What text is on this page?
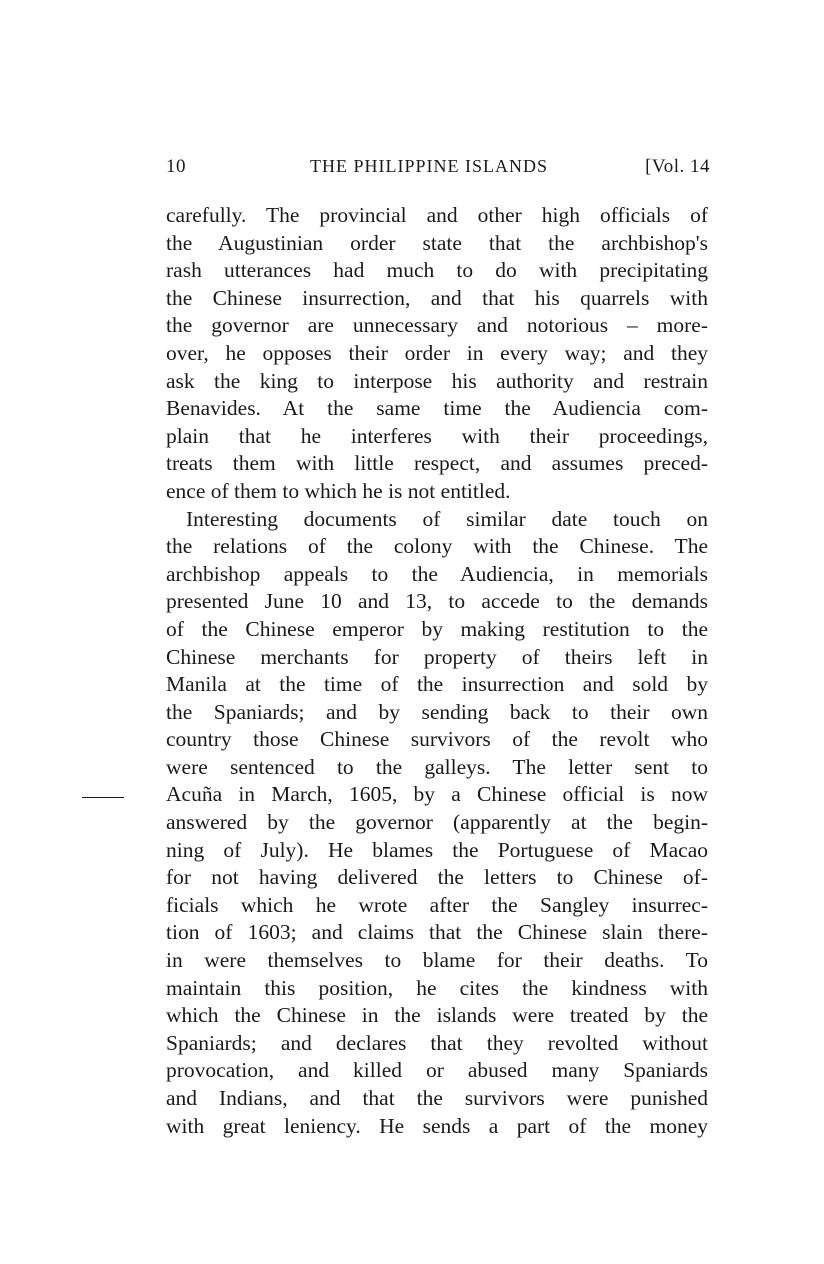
10	THE PHILIPPINE ISLANDS	[Vol. 14
carefully. The provincial and other high officials of
the Augustinian order state that the archbishop's
rash utterances had much to do with precipitating
the Chinese insurrection, and that his quarrels with
the governor are unnecessary and notorious – more-
over, he opposes their order in every way; and they
ask the king to interpose his authority and restrain
Benavides. At the same time the Audiencia com-
plain that he interferes with their proceedings,
treats them with little respect, and assumes preced-
ence of them to which he is not entitled.
Interesting documents of similar date touch on
the relations of the colony with the Chinese. The
archbishop appeals to the Audiencia, in memorials
presented June 10 and 13, to accede to the demands
of the Chinese emperor by making restitution to the
Chinese merchants for property of theirs left in
Manila at the time of the insurrection and sold by
the Spaniards; and by sending back to their own
country those Chinese survivors of the revolt who
were sentenced to the galleys. The letter sent to
Acuña in March, 1605, by a Chinese official is now
answered by the governor (apparently at the begin-
ning of July). He blames the Portuguese of Macao
for not having delivered the letters to Chinese of-
ficials which he wrote after the Sangley insurrec-
tion of 1603; and claims that the Chinese slain there-
in were themselves to blame for their deaths. To
maintain this position, he cites the kindness with
which the Chinese in the islands were treated by the
Spaniards; and declares that they revolted without
provocation, and killed or abused many Spaniards
and Indians, and that the survivors were punished
with great leniency. He sends a part of the money
